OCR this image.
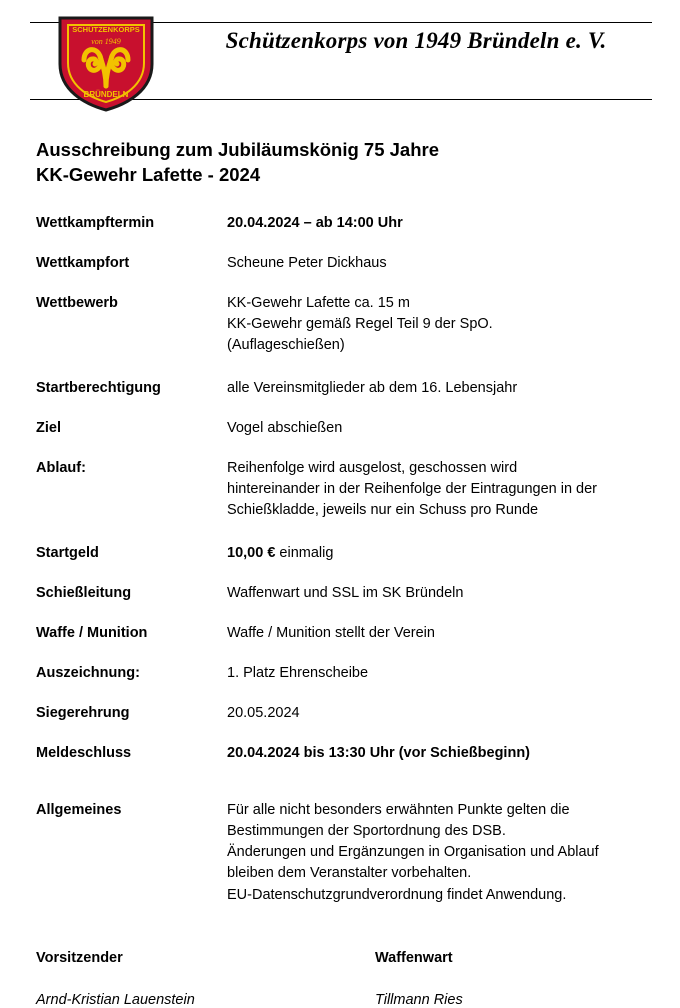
SCHÜTZENKORPS
von 1949
BRÜNDELN
Schützenkorps von 1949 Bründeln e. V.
Ausschreibung zum Jubiläumskönig 75 Jahre
KK-Gewehr Lafette - 2024
Wettkampftermin	20.04.2024 – ab 14:00 Uhr
Wettkampfort	Scheune Peter Dickhaus
Wettbewerb	KK-Gewehr Lafette ca. 15 m
KK-Gewehr gemäß Regel Teil 9 der SpO.
(Auflageschießen)
Startberechtigung	alle Vereinsmitglieder ab dem 16. Lebensjahr
Ziel	Vogel abschießen
Ablauf:	Reihenfolge wird ausgelost, geschossen wird
hintereinander in der Reihenfolge der Eintragungen in der
Schießkladde, jeweils nur ein Schuss pro Runde
Startgeld	10,00 € einmalig
Schießleitung	Waffenwart und SSL im SK Bründeln
Waffe / Munition	Waffe / Munition stellt der Verein
Auszeichnung:	1. Platz Ehrenscheibe
Siegerehrung	20.05.2024
Meldeschluss	20.04.2024 bis 13:30 Uhr (vor Schießbeginn)
Allgemeines	Für alle nicht besonders erwähnten Punkte gelten die
Bestimmungen der Sportordnung des DSB.
Änderungen und Ergänzungen in Organisation und Ablauf
bleiben dem Veranstalter vorbehalten.
EU-Datenschutzgrundverordnung findet Anwendung.
Vorsitzender
Arnd-Kristian Lauenstein
Waffenwart
Tillmann Ries
